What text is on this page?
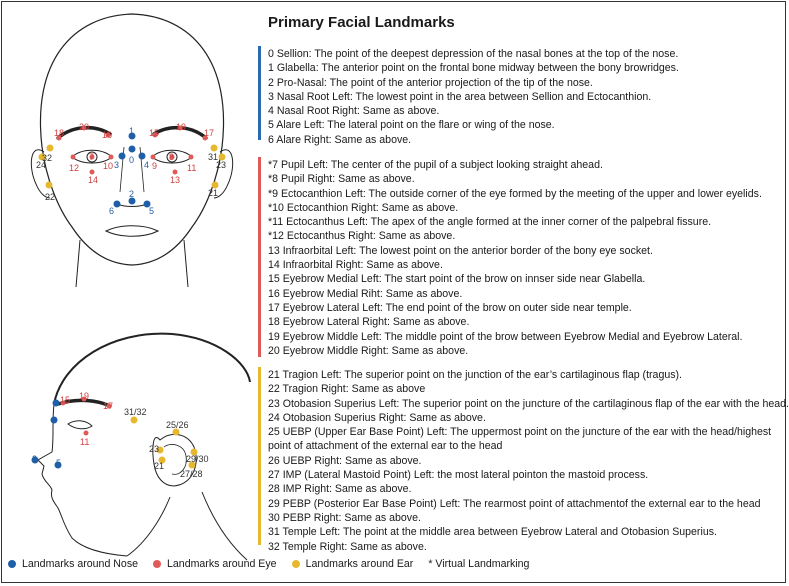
0
1
2
3	4
5
6
7	8
9
10	11
12
13
14
15
16	17
18
19
20
21
22
23
24
31
32
2 5
11
15 19
17
31/32
25/26
23
21
29/30
27/28
Primary Facial Landmarks
0 Sellion: The point of the deepest depression of the nasal bones at the top of the nose.
1 Glabella: The anterior point on the frontal bone midway between the bony browridges.
2 Pro-Nasal: The point of the anterior projection of the tip of the nose.
3 Nasal Root Left: The lowest point in the area between Sellion and Ectocanthion.
4 Nasal Root Right: Same as above.
5 Alare Left: The lateral point on the flare or wing of the nose.
6 Alare Right: Same as above.
*7 Pupil Left: The center of the pupil of a subject looking straight ahead.
*8 Pupil Right: Same as above.
*9 Ectocanthion Left: The outside corner of the eye formed by the meeting of the upper and lower eyelids.
*10 Ectocanthion Right: Same as above.
*11 Ectocanthus Left: The apex of the angle formed at the inner corner of the palpebral fissure.
*12 Ectocanthus Right: Same as above.
13 Infraorbital Left: The lowest point on the anterior border of the bony eye socket.
14 Infraorbital Right: Same as above.
15 Eyebrow Medial Left: The start point of the brow on innser side near Glabella.
16 Eyebrow Medial Riht: Same as above.
17 Eyebrow Lateral Left: The end point of the brow on outer side near temple.
18 Eyebrow Lateral Right: Same as above.
19 Eyebrow Middle Left: The middle point of the brow between Eyebrow Medial and Eyebrow Lateral.
20 Eyebrow Middle Right: Same as above.
21 Tragion Left: The superior point on the junction of the ear’s cartilaginous flap (tragus).
22 Tragion Right: Same as above
23 Otobasion Superius Left: The superior point on the juncture of the cartilaginous flap of the ear with the head.
24 Otobasion Superius Right: Same as above.
25 UEBP (Upper Ear Base Point) Left: The uppermost point on the juncture of the ear with the head/highest point of attachment of the external ear to the head
26 UEBP Right: Same as above.
27 IMP (Lateral Mastoid Point) Left: the most lateral pointon the mastoid process.
28 IMP Right: Same as above.
29 PEBP (Posterior Ear Base Point) Left: The rearmost point of attachmentof the external ear to the head
30 PEBP Right: Same as above.
31 Temple Left: The point at the middle area between Eyebrow Lateral and Otobasion Superius.
32 Temple Right: Same as above.
Landmarks around Nose	Landmarks around Eye	Landmarks around Ear * Virtual Landmarking
